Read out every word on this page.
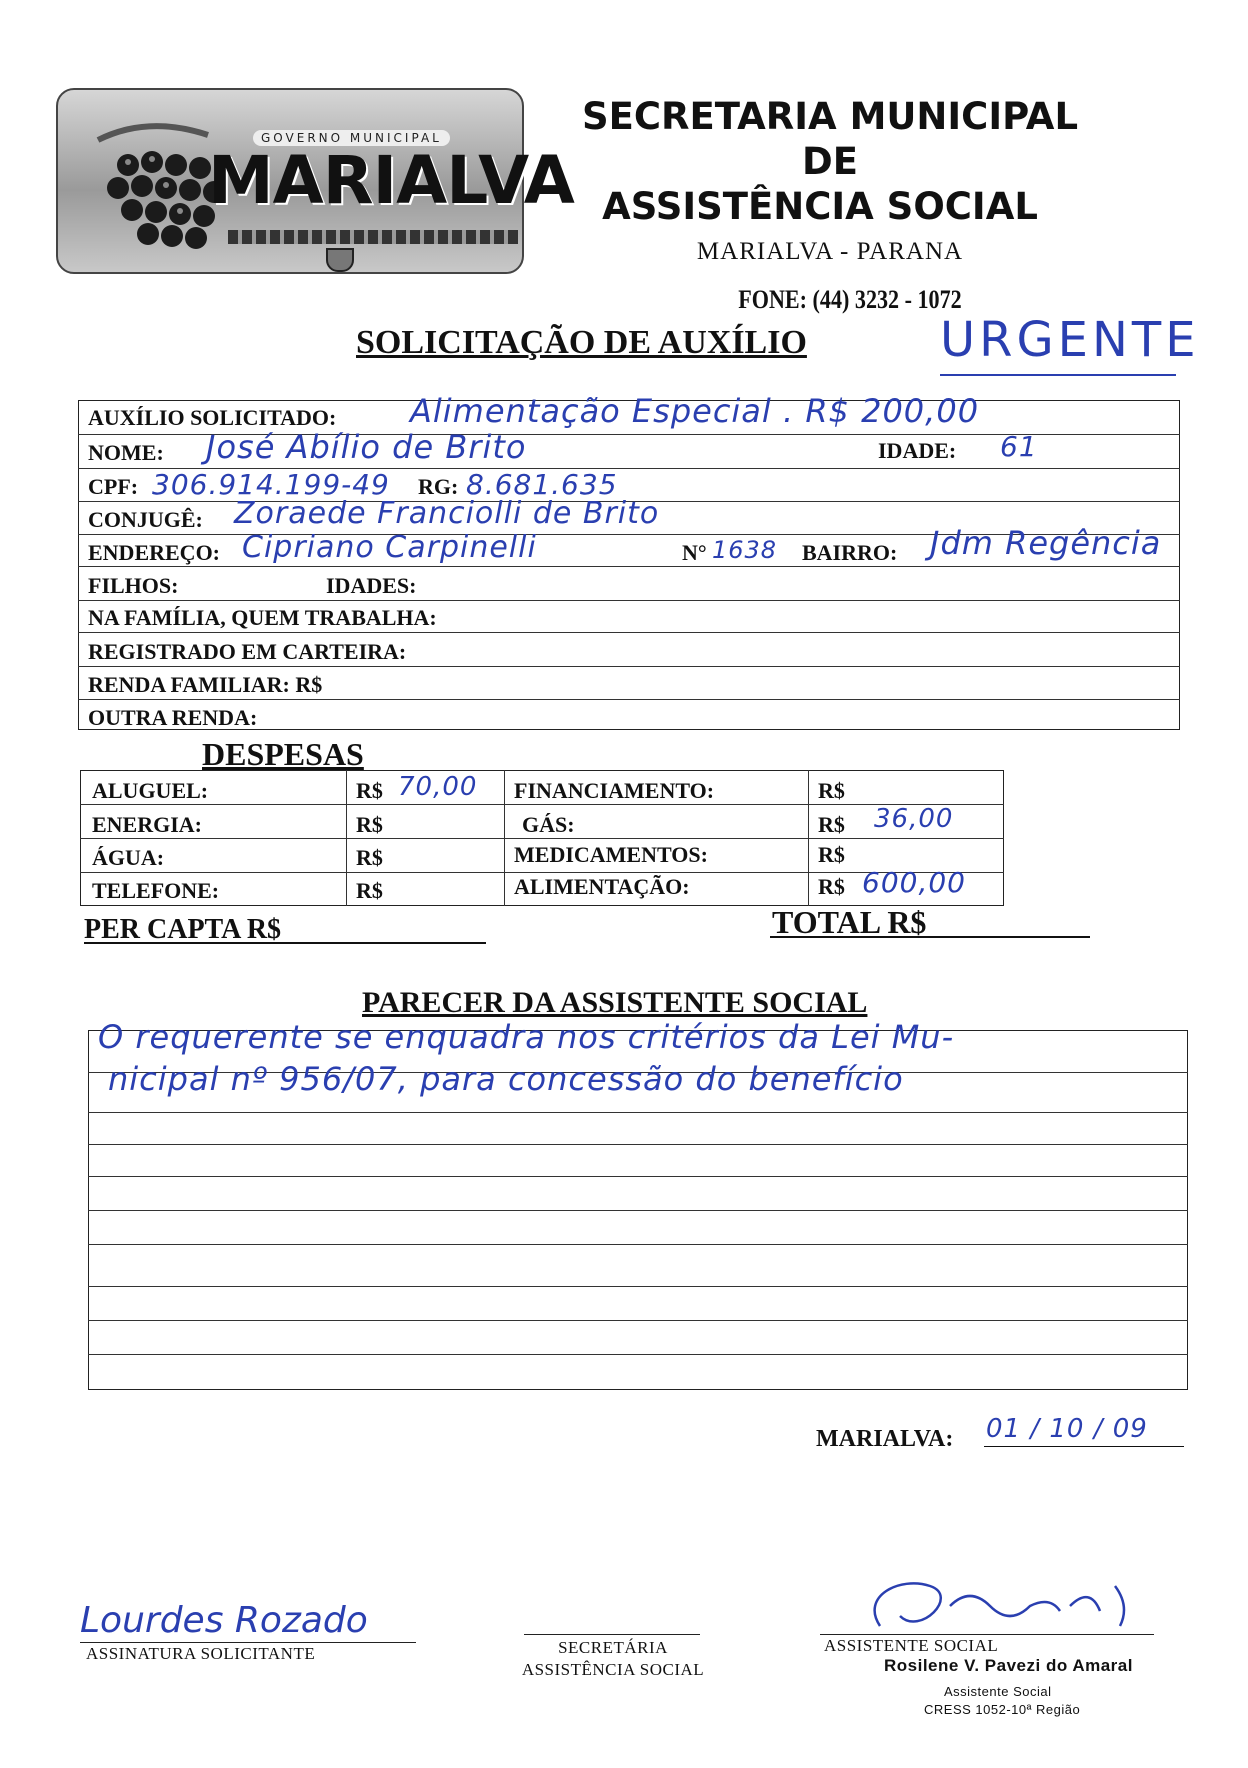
GOVERNO MUNICIPAL
MARIALVA
SECRETARIA MUNICIPAL
DE
ASSISTÊNCIA SOCIAL
MARIALVA - PARANA
FONE: (44) 3232 - 1072
SOLICITAÇÃO DE AUXÍLIO	URGENTE
AUXÍLIO SOLICITADO: Alimentação Especial . R$ 200,00
NOME: José Abílio de Brito	IDADE: 61
CPF: 306.914.199-49 RG: 8.681.635
CONJUGÊ: Zoraede Franciolli de Brito
ENDEREÇO: Cipriano Carpinelli	N° 1638 BAIRRO: Jdm Regência
FILHOS:	IDADES:
NA FAMÍLIA, QUEM TRABALHA:
REGISTRADO EM CARTEIRA:
RENDA FAMILIAR: R$
OUTRA RENDA:
DESPESAS
ALUGUEL:	R$ 70,00 FINANCIAMENTO:	R$
ENERGIA:	R$	GÁS:	R$ 36,00
ÁGUA:	R$	MEDICAMENTOS:	R$
TELEFONE:	R$	ALIMENTAÇÃO:	R$ 600,00
PER CAPTA R$	TOTAL R$
PARECER DA ASSISTENTE SOCIAL
O requerente se enquadra nos critérios da Lei Mu-
nicipal nº 956/07, para concessão do benefício
MARIALVA: 01 / 10 / 09
Lourdes Rozado
ASSINATURA SOLICITANTE	SECRETÁRIA
ASSISTÊNCIA SOCIAL
ASSISTENTE SOCIAL
Rosilene V. Pavezi do Amaral
Assistente Social
CRESS 1052-10ª Região
